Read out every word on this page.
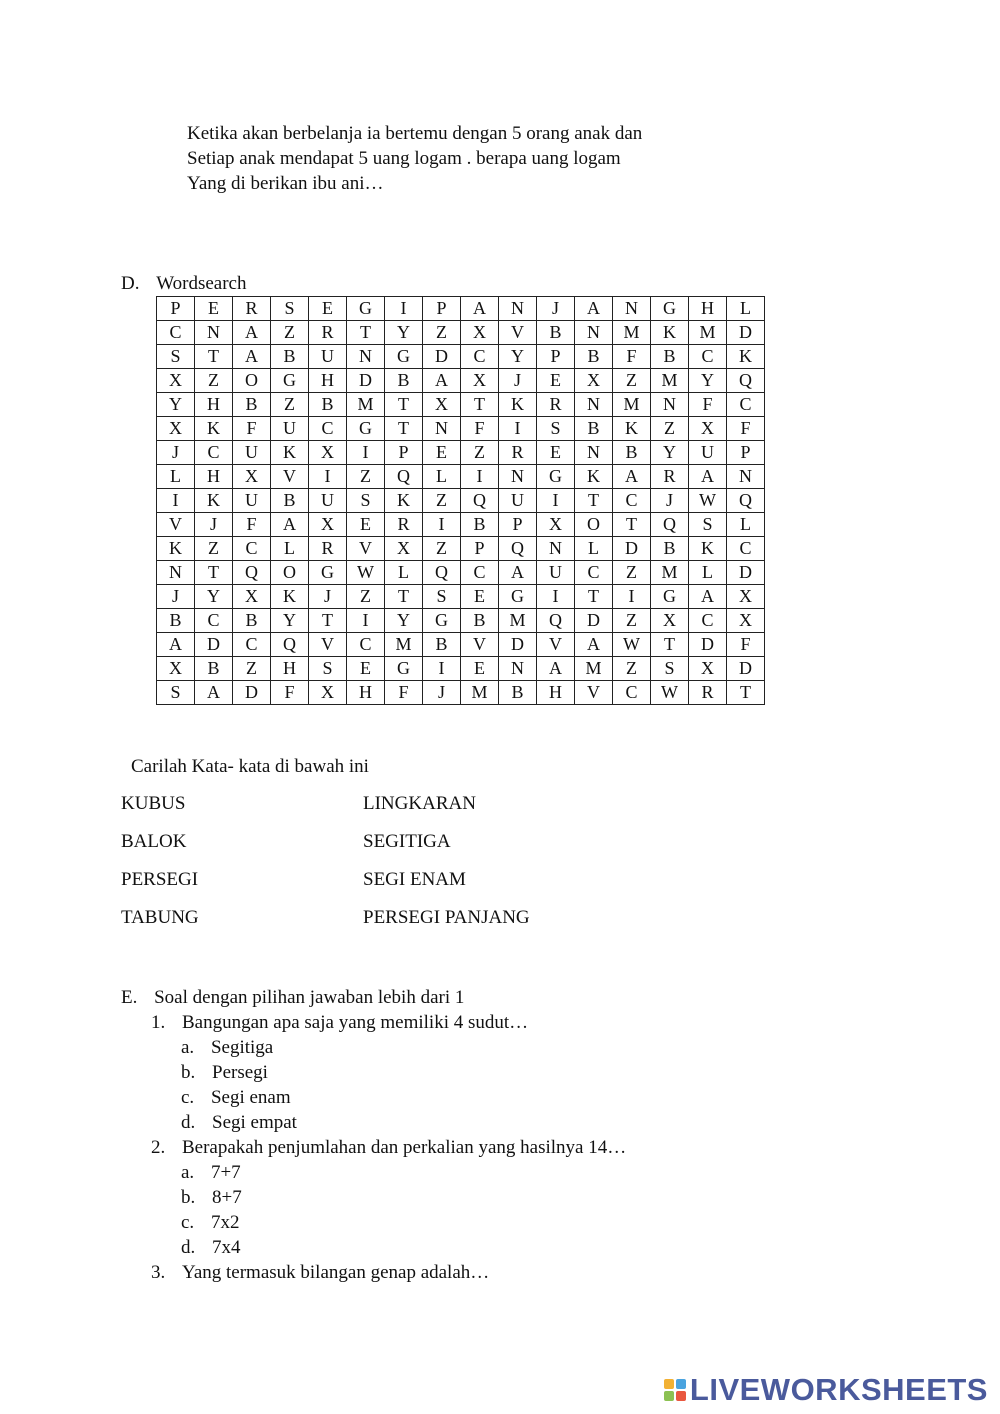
Ketika akan berbelanja ia bertemu dengan 5 orang anak dan

Setiap anak mendapat 5 uang logam . berapa uang logam

Yang di berikan ibu ani…

D. Wordsearch
P	E	R	S	E	G	I	P	A	N	J	A	N	G	H	L
C	N	A	Z	R	T	Y	Z	X	V	B	N	M	K	M	D
S	T	A	B	U	N	G	D	C	Y	P	B	F	B	C	K
X	Z	O	G	H	D	B	A	X	J	E	X	Z	M	Y	Q
Y	H	B	Z	B	M	T	X	T	K	R	N	M	N	F	C
X	K	F	U	C	G	T	N	F	I	S	B	K	Z	X	F
J	C	U	K	X	I	P	E	Z	R	E	N	B	Y	U	P
L	H	X	V	I	Z	Q	L	I	N	G	K	A	R	A	N
I	K	U	B	U	S	K	Z	Q	U	I	T	C	J	W	Q
V	J	F	A	X	E	R	I	B	P	X	O	T	Q	S	L
K	Z	C	L	R	V	X	Z	P	Q	N	L	D	B	K	C
N	T	Q	O	G	W	L	Q	C	A	U	C	Z	M	L	D
J	Y	X	K	J	Z	T	S	E	G	I	T	I	G	A	X
B	C	B	Y	T	I	Y	G	B	M	Q	D	Z	X	C	X
A	D	C	Q	V	C	M	B	V	D	V	A	W	T	D	F
X	B	Z	H	S	E	G	I	E	N	A	M	Z	S	X	D
S	A	D	F	X	H	F	J	M	B	H	V	C	W	R	T
Carilah Kata- kata di bawah ini
KUBUS	LINGKARAN
BALOK	SEGITIGA
PERSEGI	SEGI ENAM
TABUNG	PERSEGI PANJANG
E. Soal dengan pilihan jawaban lebih dari 1
1. Bangungan apa saja yang memiliki 4 sudut…
a. Segitiga
b. Persegi
c. Segi enam
d. Segi empat
2. Berapakah penjumlahan dan perkalian yang hasilnya 14…
a. 7+7
b. 8+7
c. 7x2
d. 7x4
3. Yang termasuk bilangan genap adalah…
LIVEWORKSHEETS
